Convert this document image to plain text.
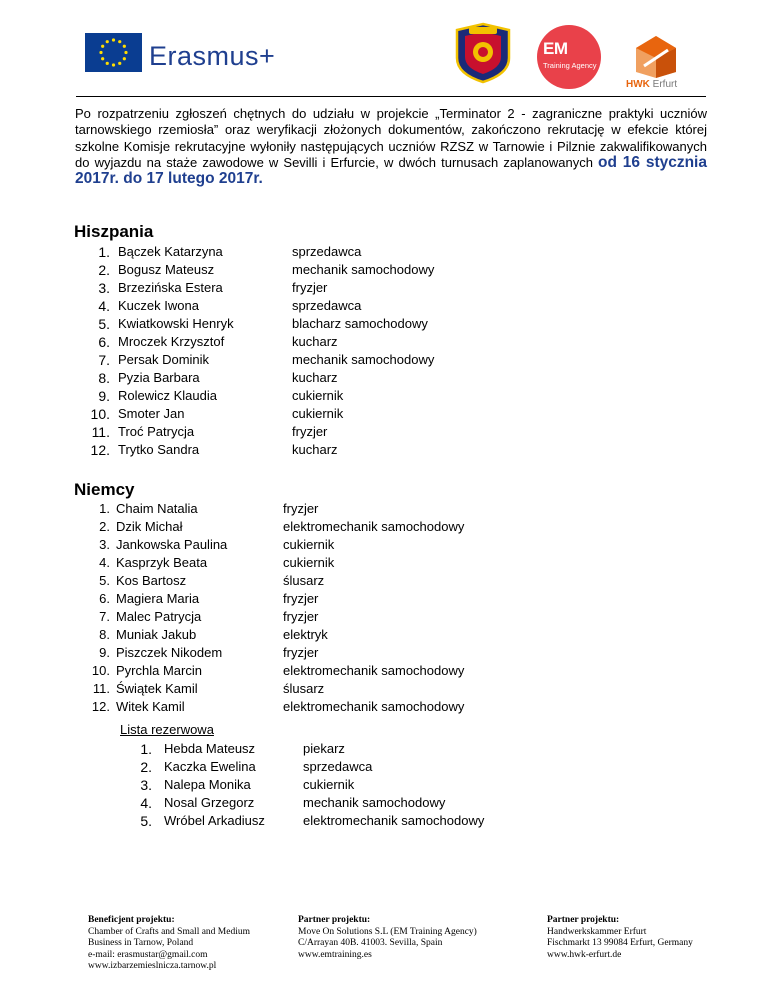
Erasmus+	EM
Training Agency
HWK Erfurt

Po rozpatrzeniu zgłoszeń chętnych do udziału w projekcie „Terminator 2 - zagraniczne praktyki uczniów tarnowskiego rzemiosła” oraz weryfikacji złożonych dokumentów, zakończono rekrutację w efekcie której szkolne Komisje rekrutacyjne wyłoniły następujących uczniów RZSZ w Tarnowie i Pilznie zakwalifikowanych do wyjazdu na staże zawodowe w Sevilli i Erfurcie, w dwóch turnusach zaplanowanych od 16 stycznia 2017r. do 17 lutego 2017r.

Hiszpania
1. Bączek Katarzyna	sprzedawca
2. Bogusz Mateusz	mechanik samochodowy
3. Brzezińska Estera	fryzjer
4. Kuczek Iwona	sprzedawca
5. Kwiatkowski Henryk	blacharz samochodowy
6. Mroczek Krzysztof	kucharz
7. Persak Dominik	mechanik samochodowy
8. Pyzia Barbara	kucharz
9. Rolewicz Klaudia	cukiernik
10. Smoter Jan	cukiernik
11. Troć Patrycja	fryzjer
12. Trytko Sandra	kucharz
Niemcy
1. Chaim Natalia	fryzjer
2. Dzik Michał	elektromechanik samochodowy
3. Jankowska Paulina	cukiernik
4. Kasprzyk Beata	cukiernik
5. Kos Bartosz	ślusarz
6. Magiera Maria	fryzjer
7. Malec Patrycja	fryzjer
8. Muniak Jakub	elektryk
9. Piszczek Nikodem	fryzjer
10. Pyrchla Marcin	elektromechanik samochodowy
11. Świątek Kamil	ślusarz
12. Witek Kamil	elektromechanik samochodowy
Lista rezerwowa
1. Hebda Mateusz	piekarz
2. Kaczka Ewelina	sprzedawca
3. Nalepa Monika	cukiernik
4. Nosal Grzegorz	mechanik samochodowy
5. Wróbel Arkadiusz	elektromechanik samochodowy
Beneficjent projektu:
Chamber of Crafts and Small and Medium
Business in Tarnow, Poland
e-mail: erasmustar@gmail.com
www.izbarzemieslnicza.tarnow.pl
Partner projektu:
Move On Solutions S.L (EM Training Agency)
C/Arrayan 40B. 41003. Sevilla, Spain
www.emtraining.es
Partner projektu:
Handwerkskammer Erfurt
Fischmarkt 13 99084 Erfurt, Germany
www.hwk-erfurt.de
